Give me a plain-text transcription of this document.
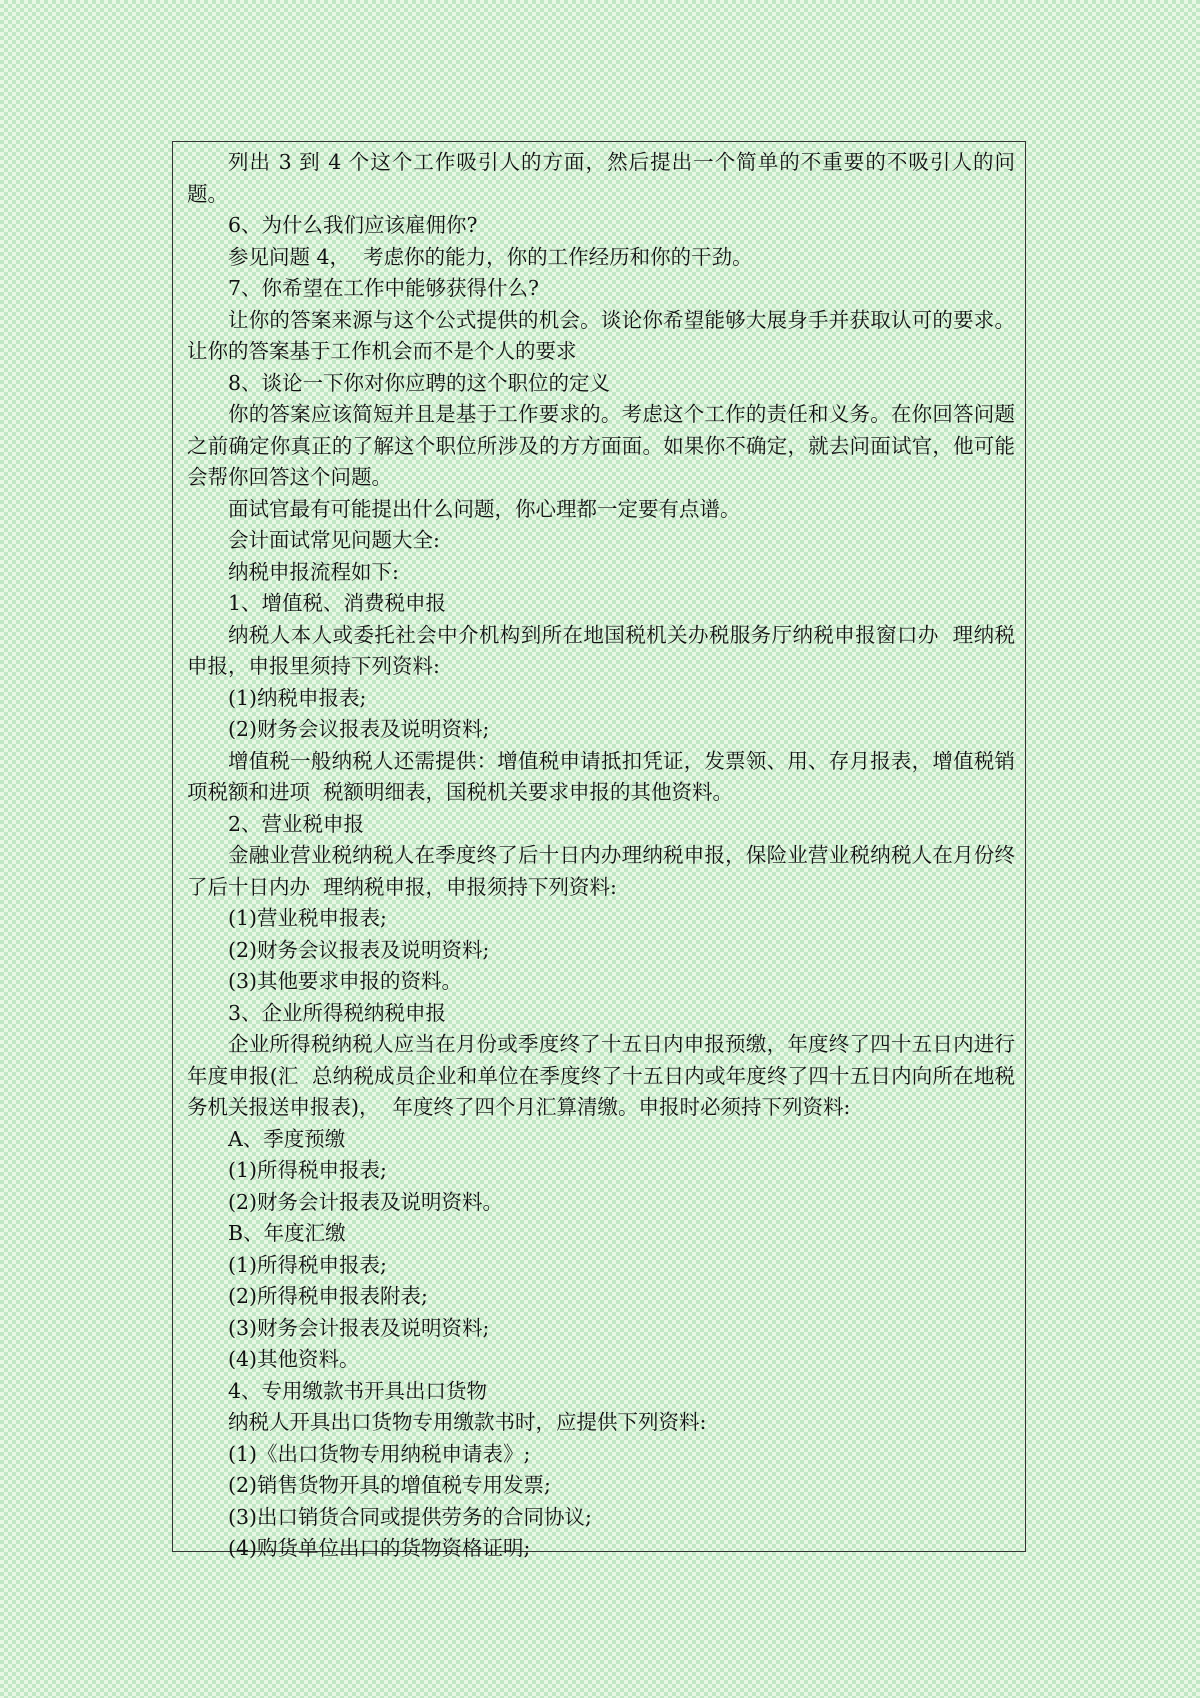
列出 3 到 4 个这个工作吸引人的方面，然后提出一个简单的不重要的不吸引人的问题。

6、为什么我们应该雇佣你?

参见问题 4，  考虑你的能力，你的工作经历和你的干劲。

7、你希望在工作中能够获得什么?

让你的答案来源与这个公式提供的机会。谈论你希望能够大展身手并获取认可的要求。让你的答案基于工作机会而不是个人的要求

8、谈论一下你对你应聘的这个职位的定义

你的答案应该简短并且是基于工作要求的。考虑这个工作的责任和义务。在你回答问题之前确定你真正的了解这个职位所涉及的方方面面。如果你不确定，就去问面试官，他可能会帮你回答这个问题。

面试官最有可能提出什么问题，你心理都一定要有点谱。

会计面试常见问题大全:

纳税申报流程如下:

1、增值税、消费税申报

纳税人本人或委托社会中介机构到所在地国税机关办税服务厅纳税申报窗口办  理纳税申报，申报里须持下列资料:

(1)纳税申报表;

(2)财务会议报表及说明资料;

增值税一般纳税人还需提供：增值税申请抵扣凭证，发票领、用、存月报表，增值税销项税额和进项  税额明细表，国税机关要求申报的其他资料。

2、营业税申报

金融业营业税纳税人在季度终了后十日内办理纳税申报，保险业营业税纳税人在月份终了后十日内办  理纳税申报，申报须持下列资料:

(1)营业税申报表;

(2)财务会议报表及说明资料;

(3)其他要求申报的资料。

3、企业所得税纳税申报

企业所得税纳税人应当在月份或季度终了十五日内申报预缴，年度终了四十五日内进行年度申报(汇  总纳税成员企业和单位在季度终了十五日内或年度终了四十五日内向所在地税务机关报送申报表)，  年度终了四个月汇算清缴。申报时必须持下列资料:

A、季度预缴

(1)所得税申报表;

(2)财务会计报表及说明资料。

B、年度汇缴

(1)所得税申报表;

(2)所得税申报表附表;

(3)财务会计报表及说明资料;

(4)其他资料。

4、专用缴款书开具出口货物

纳税人开具出口货物专用缴款书时，应提供下列资料:

(1)《出口货物专用纳税申请表》;

(2)销售货物开具的增值税专用发票;

(3)出口销货合同或提供劳务的合同协议;

(4)购货单位出口的货物资格证明;
